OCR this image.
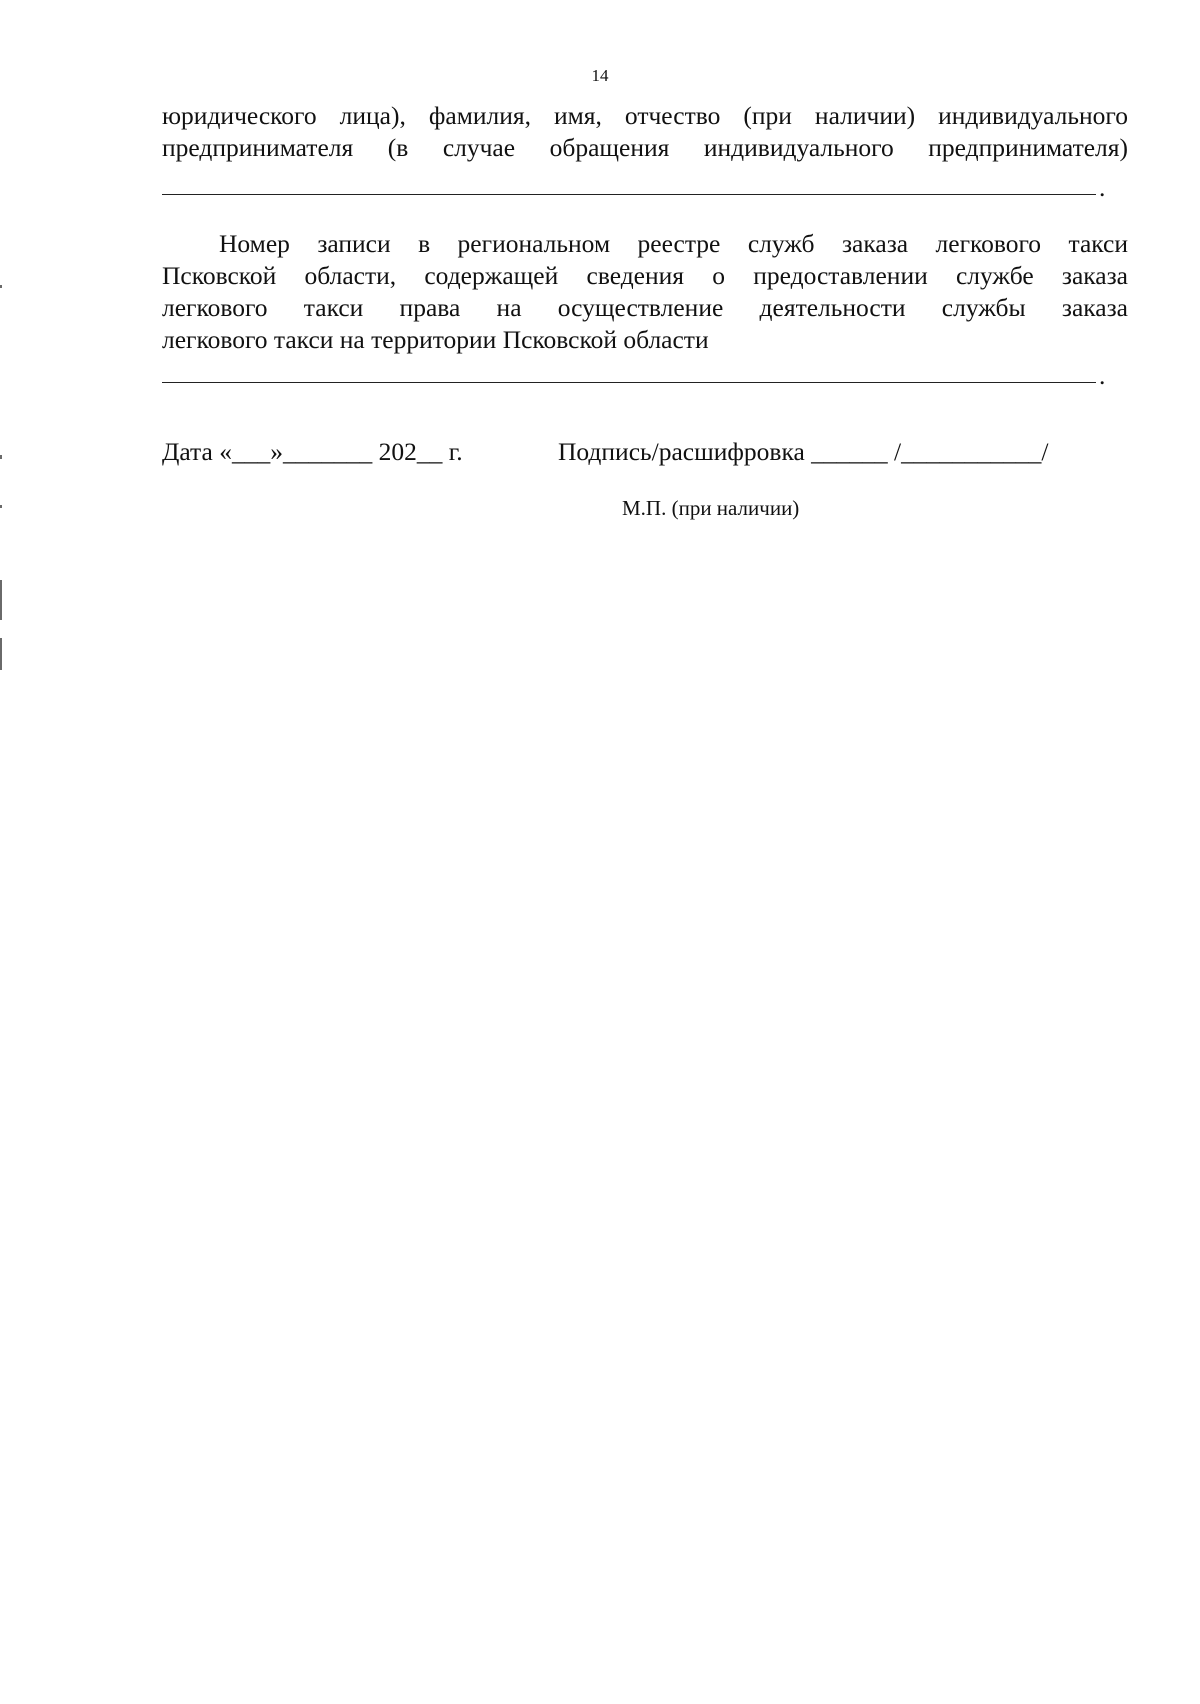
14
юридического лица), фамилия, имя, отчество (при наличии) индивидуального
предпринимателя (в случае обращения индивидуального предпринимателя)
.
Номер записи в региональном реестре служб заказа легкового такси
Псковской области, содержащей сведения о предоставлении службе заказа
легкового такси права на осуществление деятельности службы заказа
легкового такси на территории Псковской области
.
Дата «___»_______ 202__ г.	Подпись/расшифровка ______ /___________/
М.П. (при наличии)
